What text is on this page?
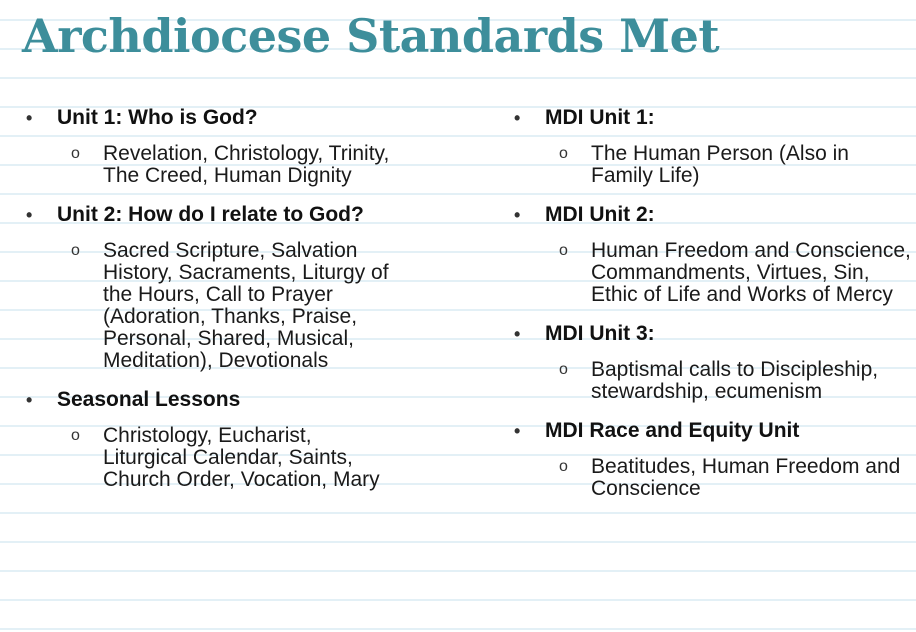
Archdiocese Standards Met
• Unit 1: Who is God?
o Revelation, Christology, Trinity, The Creed, Human Dignity
• Unit 2: How do I relate to God?
o Sacred Scripture, Salvation History, Sacraments, Liturgy of the Hours, Call to Prayer (Adoration, Thanks, Praise, Personal, Shared, Musical, Meditation), Devotionals
• Seasonal Lessons
o Christology, Eucharist, Liturgical Calendar, Saints, Church Order, Vocation, Mary
• MDI Unit 1:
o The Human Person (Also in Family Life)
• MDI Unit 2:
o Human Freedom and Conscience, Commandments, Virtues, Sin, Ethic of Life and Works of Mercy
• MDI Unit 3:
o Baptismal calls to Discipleship, stewardship, ecumenism
• MDI Race and Equity Unit
o Beatitudes, Human Freedom and Conscience
